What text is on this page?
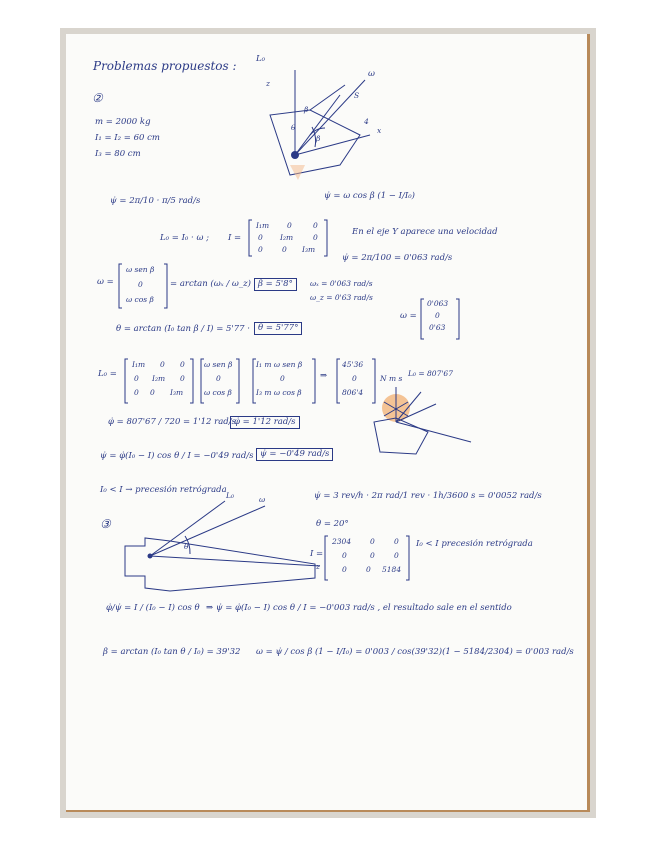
Problemas propuestos :
②
m = 2000 kg
I₁ = I₂ = 60 cm
I₃ = 80 cm
L₀
ω
z
x
β
θ
β
4
S
ψ̇ = 2π/10 · π/5 rad/s	ψ̇ = ω cos β (1 − I/I₀)
L₀ = I₀ · ω ; I =
I₁m 0	0
0 I₂m	0
0	0 I₃m
En el eje Y aparece una velocidad
ψ̇ = 2π/100 = 0'063 rad/s
ω =
ω sen β
0
ω cos β
= arctan (ωₓ / ω_z) β = 5'8°	ωₓ = 0'063 rad/s
ω_z = 0'63 rad/s
ω =
0'063
0
0'63
θ = arctan (I₀ tan β / I) = 5'77 · θ = 5'77°
L₀ =
I₁m 0 0
0 I₂m 0
0 0 I₃m
ω sen β
0
ω cos β
I₁ m ω sen β
0
I₃ m ω cos β
⇒
45'36
0
806'4
N m s
L₀ = 807'67
φ̇ = 807'67 / 720 = 1'12 rad/s
φ̇ = 1'12 rad/s
ψ̇ = φ̇(I₀ − I) cos θ / I = −0'49 rad/s ψ̇ = −0'49 rad/s
I₀ < I → precesión retrógrada
③
ψ̇ = 3 rev/h · 2π rad/1 rev · 1h/3600 s = 0'0052 rad/s
θ = 20°
L₀	ω
θ
z
I =
2304	0	0
0	0	0
0	0 5184
I₀ < I precesión retrógrada
φ̇/ψ̇ = I / (I₀ − I) cos θ ⇒ ψ̇ = φ̇(I₀ − I) cos θ / I = −0'003 rad/s , el resultado sale en el sentido
β = arctan (I₀ tan θ / I₀) = 39'32 ω = ψ̇ / cos β (1 − I/I₀) = 0'003 / cos(39'32)(1 − 5184/2304) = 0'003 rad/s
